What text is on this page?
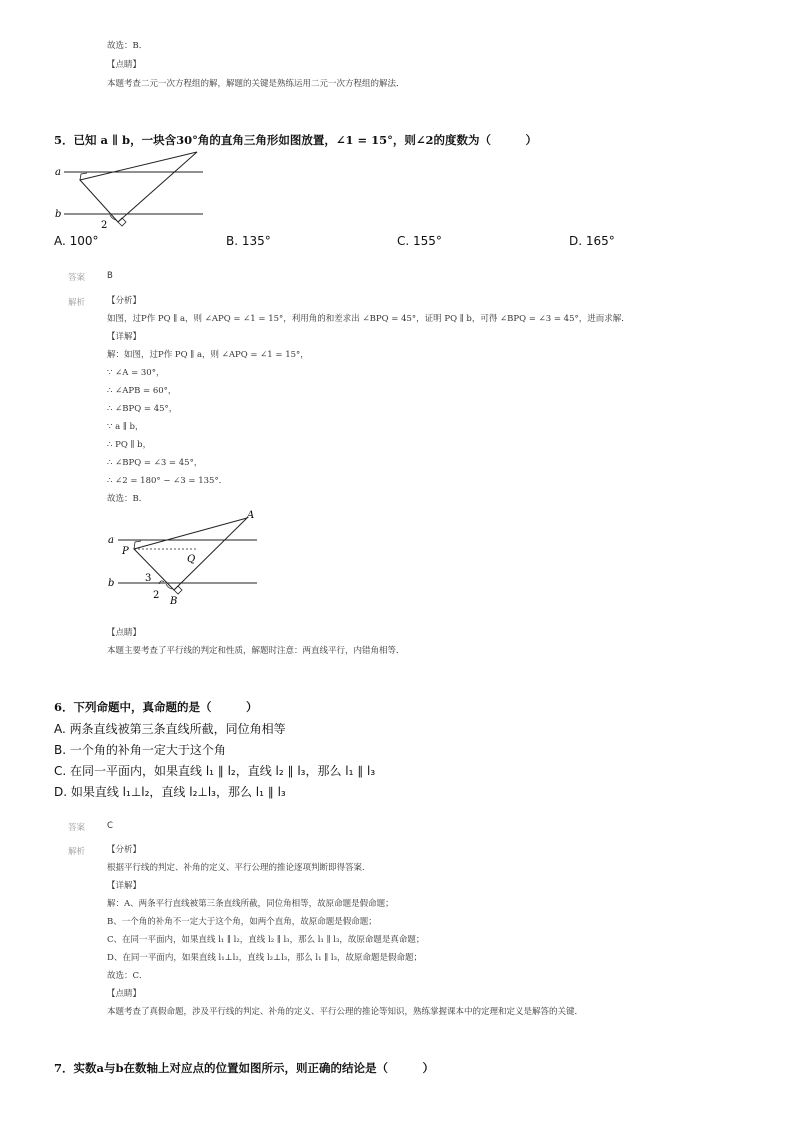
故选：B．
【点睛】
本题考查二元一次方程组的解，解题的关键是熟练运用二元一次方程组的解法．
5．已知 a ∥ b，一块含30°角的直角三角形如图放置，∠1 = 15°，则∠2的度数为（　　　）
a
b
2
A. 100°	B. 135°	C. 155°	D. 165°
答案	B
解析	【分析】
如图，过P作 PQ ∥ a，则 ∠APQ = ∠1 = 15°，利用角的和差求出 ∠BPQ = 45°，证明 PQ ∥ b，可得 ∠BPQ = ∠3 = 45°，进而求解．
【详解】
解：如图，过P作 PQ ∥ a，则 ∠APQ = ∠1 = 15°，
∵ ∠A = 30°，
∴ ∠APB = 60°，
∴ ∠BPQ = 45°，
∵ a ∥ b，
∴ PQ ∥ b，
∴ ∠BPQ = ∠3 = 45°，
∴ ∠2 = 180° − ∠3 = 135°．
故选：B．
a
b
A
P
Q
B
3
2
【点睛】
本题主要考查了平行线的判定和性质，解题时注意：两直线平行，内错角相等．
6．下列命题中，真命题的是（　　　）
A. 两条直线被第三条直线所截，同位角相等
B. 一个角的补角一定大于这个角
C. 在同一平面内，如果直线 l₁ ∥ l₂，直线 l₂ ∥ l₃，那么 l₁ ∥ l₃
D. 如果直线 l₁⊥l₂，直线 l₂⊥l₃，那么 l₁ ∥ l₃
答案	C
解析	【分析】
根据平行线的判定、补角的定义、平行公理的推论逐项判断即得答案．
【详解】
解：A、两条平行直线被第三条直线所截，同位角相等，故原命题是假命题；
B、一个角的补角不一定大于这个角，如两个直角，故原命题是假命题；
C、在同一平面内，如果直线 l₁ ∥ l₂，直线 l₂ ∥ l₃，那么 l₁ ∥ l₃，故原命题是真命题；
D、在同一平面内，如果直线 l₁⊥l₂，直线 l₂⊥l₃，那么 l₁ ∥ l₃，故原命题是假命题；
故选：C．
【点睛】
本题考查了真假命题，涉及平行线的判定、补角的定义、平行公理的推论等知识，熟练掌握课本中的定理和定义是解答的关键．
7．实数a与b在数轴上对应点的位置如图所示，则正确的结论是（　　　）
